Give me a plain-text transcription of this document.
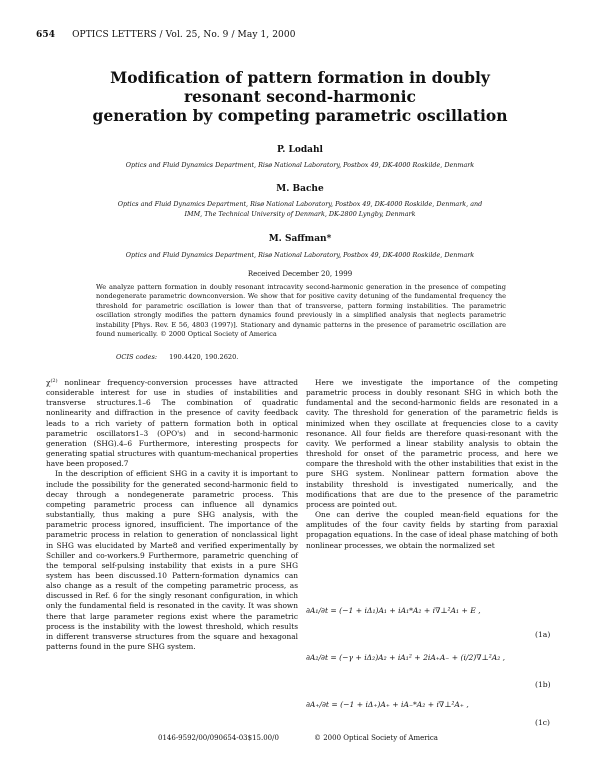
654 OPTICS LETTERS / Vol. 25, No. 9 / May 1, 2000
Modification of pattern formation in doubly
resonant second-harmonic
generation by competing parametric oscillation
P. Lodahl
Optics and Fluid Dynamics Department, Risø National Laboratory, Postbox 49, DK-4000 Roskilde, Denmark
M. Bache
Optics and Fluid Dynamics Department, Risø National Laboratory, Postbox 49, DK-4000 Roskilde, Denmark, and
IMM, The Technical University of Denmark, DK-2800 Lyngby, Denmark
M. Saffman*
Optics and Fluid Dynamics Department, Risø National Laboratory, Postbox 49, DK-4000 Roskilde, Denmark
Received December 20, 1999
We analyze pattern formation in doubly resonant intracavity second-harmonic generation in the presence of competing nondegenerate parametric downconversion. We show that for positive cavity detuning of the fundamental frequency the threshold for parametric oscillation is lower than that of transverse, pattern forming instabilities. The parametric oscillation strongly modifies the pattern dynamics found previously in a simplified analysis that neglects parametric instability [Phys. Rev. E 56, 4803 (1997)]. Stationary and dynamic patterns in the presence of parametric oscillation are found numerically. © 2000 Optical Society of America
OCIS codes: 190.4420, 190.2620.

$\chi^{(2)}$ nonlinear frequency-conversion processes have attracted considerable interest for use in studies of instabilities and transverse structures.1–6 The combination of quadratic nonlinearity and diffraction in the presence of cavity feedback leads to a rich variety of pattern formation both in optical parametric oscillators1–3 (OPO's) and in second-harmonic generation (SHG).4–6 Furthermore, interesting prospects for generating spatial structures with quantum-mechanical properties have been proposed.7

In the description of efficient SHG in a cavity it is important to include the possibility for the generated second-harmonic field to decay through a nondegenerate parametric process. This competing parametric process can influence all dynamics substantially, thus making a pure SHG analysis, with the parametric process ignored, insufficient. The importance of the parametric process in relation to generation of nonclassical light in SHG was elucidated by Marte8 and verified experimentally by Schiller and co-workers.9 Furthermore, parametric quenching of the temporal self-pulsing instability that exists in a pure SHG system has been discussed.10 Pattern-formation dynamics can also change as a result of the competing parametric process, as discussed in Ref. 6 for the singly resonant configuration, in which only the fundamental field is resonated in the cavity. It was shown there that large parameter regions exist where the parametric process is the instability with the lowest threshold, which results in different transverse structures from the square and hexagonal patterns found in the pure SHG system.

Here we investigate the importance of the competing parametric process in doubly resonant SHG in which both the fundamental and the second-harmonic fields are resonated in a cavity. The threshold for generation of the parametric fields is minimized when they oscillate at frequencies close to a cavity resonance. All four fields are therefore quasi-resonant with the cavity. We performed a linear stability analysis to obtain the threshold for onset of the parametric process, and here we compare the threshold with the other instabilities that exist in the pure SHG system. Nonlinear pattern formation above the instability threshold is investigated numerically, and the modifications that are due to the presence of the parametric process are pointed out.

One can derive the coupled mean-field equations for the amplitudes of the four cavity fields by starting from paraxial propagation equations. In the case of ideal phase matching of both nonlinear processes, we obtain the normalized set

∂A₁/∂t = (−1 + iΔ₁)A₁ + iA₁*A₂ + i∇⊥²A₁ + E ,
(1a)
∂A₂/∂t = (−γ + iΔ₂)A₂ + iA₁² + 2iA₊A₋ + (i/2)∇⊥²A₂ ,
(1b)
∂A₊/∂t = (−1 + iΔ₊)A₊ + iA₋*A₂ + i∇⊥²A₊ ,
(1c)
0146-9592/00/090654-03$15.00/0	© 2000 Optical Society of America
